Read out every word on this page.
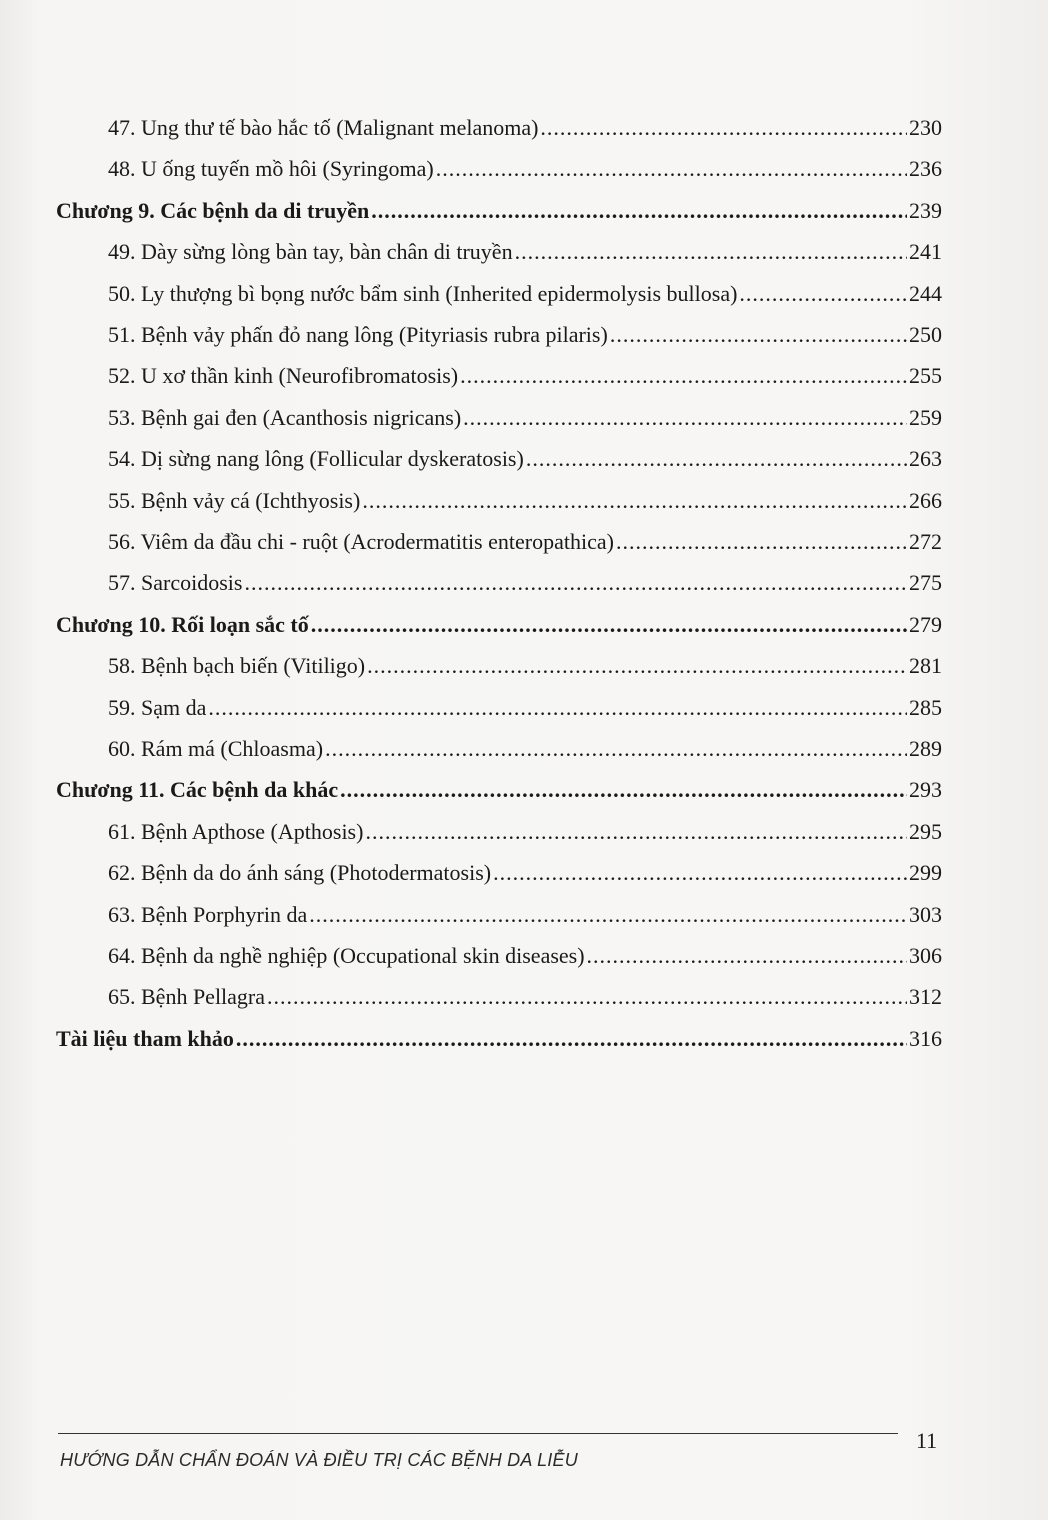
47. Ung thư tế bào hắc tố (Malignant melanoma) .....	230
48. U ống tuyến mồ hôi (Syringoma) .....	236
Chương 9. Các bệnh da di truyền .....	239
49. Dày sừng lòng bàn tay, bàn chân di truyền .....	241
50. Ly thượng bì bọng nước bẩm sinh (Inherited epidermolysis bullosa) .....	244
51. Bệnh vảy phấn đỏ nang lông (Pityriasis rubra pilaris) .....	250
52. U xơ thần kinh (Neurofibromatosis) .....	255
53. Bệnh gai đen (Acanthosis nigricans) .....	259
54. Dị sừng nang lông (Follicular dyskeratosis) .....	263
55. Bệnh vảy cá (Ichthyosis) .....	266
56. Viêm da đầu chi - ruột (Acrodermatitis enteropathica) .....	272
57. Sarcoidosis .....	275
Chương 10. Rối loạn sắc tố .....	279
58. Bệnh bạch biến (Vitiligo) .....	281
59. Sạm da .....	285
60. Rám má (Chloasma) .....	289
Chương 11. Các bệnh da khác .....	293
61. Bệnh Apthose (Apthosis) .....	295
62. Bệnh da do ánh sáng (Photodermatosis) .....	299
63. Bệnh Porphyrin da .....	303
64. Bệnh da nghề nghiệp (Occupational skin diseases) .....	306
65. Bệnh Pellagra .....	312
Tài liệu tham khảo .....	316
11
HƯỚNG DẪN CHẨN ĐOÁN VÀ ĐIỀU TRỊ CÁC BỆNH DA LIỄU
